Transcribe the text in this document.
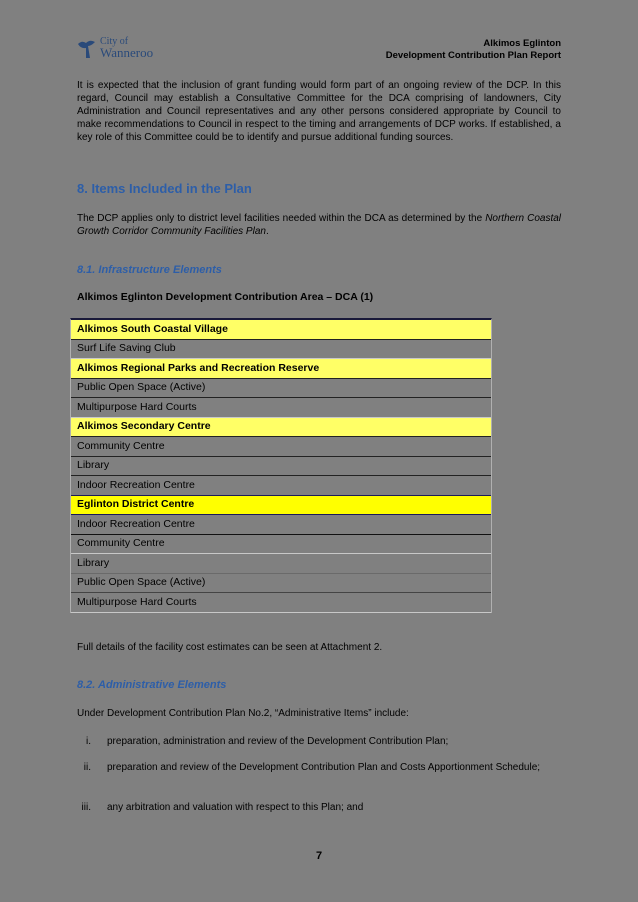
City of
Wanneroo
Alkimos Eglinton
Development Contribution Plan Report
It is expected that the inclusion of grant funding would form part of an ongoing review of the DCP. In this regard, Council may establish a Consultative Committee for the DCA comprising of landowners, City Administration and Council representatives and any other persons considered appropriate by Council to make recommendations to Council in respect to the timing and arrangements of DCP works. If established, a key role of this Committee could be to identify and pursue additional funding sources.
8. Items Included in the Plan
The DCP applies only to district level facilities needed within the DCA as determined by the Northern Coastal Growth Corridor Community Facilities Plan.
8.1. Infrastructure Elements
Alkimos Eglinton Development Contribution Area – DCA (1)
Alkimos South Coastal Village
Surf Life Saving Club
Alkimos Regional Parks and Recreation Reserve
Public Open Space (Active)
Multipurpose Hard Courts
Alkimos Secondary Centre
Community Centre
Library
Indoor Recreation Centre
Eglinton District Centre
Indoor Recreation Centre
Community Centre
Library
Public Open Space (Active)
Multipurpose Hard Courts
Full details of the facility cost estimates can be seen at Attachment 2.
8.2. Administrative Elements
Under Development Contribution Plan No.2, “Administrative Items” include:
i. preparation, administration and review of the Development Contribution Plan;
ii. preparation and review of the Development Contribution Plan and Costs Apportionment Schedule;
iii. any arbitration and valuation with respect to this Plan; and
7
